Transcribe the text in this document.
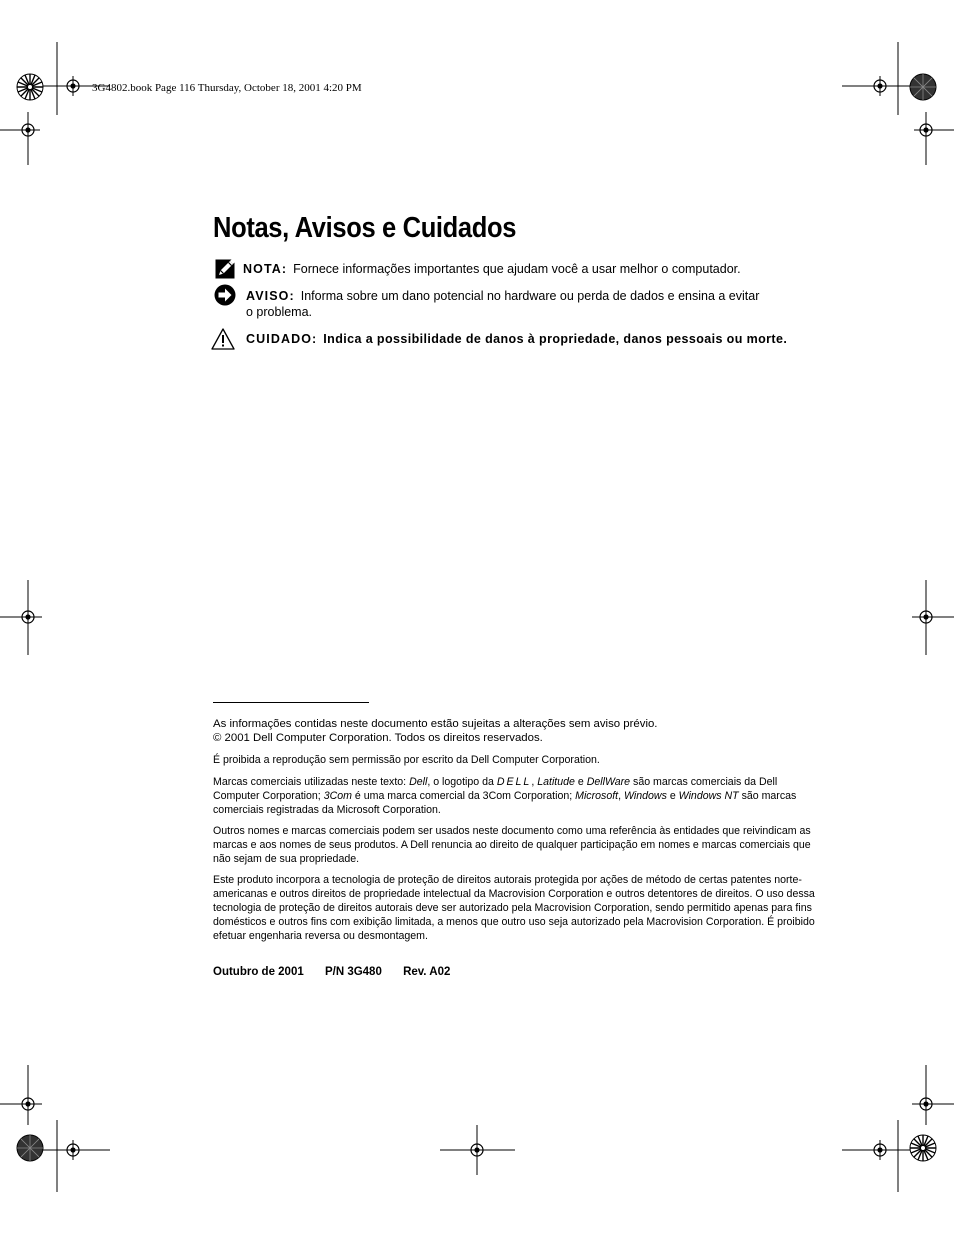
3G4802.book Page 116 Thursday, October 18, 2001 4:20 PM
Notas, Avisos e Cuidados
NOTA: Fornece informações importantes que ajudam você a usar melhor o computador.
AVISO: Informa sobre um dano potencial no hardware ou perda de dados e ensina a evitar
o problema.
CUIDADO: Indica a possibilidade de danos à propriedade, danos pessoais ou morte.

As informações contidas neste documento estão sujeitas a alterações sem aviso prévio.

© 2001 Dell Computer Corporation. Todos os direitos reservados.

É proibida a reprodução sem permissão por escrito da Dell Computer Corporation.

Marcas comerciais utilizadas neste texto: Dell, o logotipo da DELL, Latitude e DellWare são marcas comerciais da Dell Computer Corporation; 3Com é uma marca comercial da 3Com Corporation; Microsoft, Windows e Windows NT são marcas comerciais registradas da Microsoft Corporation.

Outros nomes e marcas comerciais podem ser usados neste documento como uma referência às entidades que reivindicam as marcas e aos nomes de seus produtos. A Dell renuncia ao direito de qualquer participação em nomes e marcas comerciais que não sejam de sua propriedade.

Este produto incorpora a tecnologia de proteção de direitos autorais protegida por ações de método de certas patentes norte-americanas e outros direitos de propriedade intelectual da Macrovision Corporation e outros detentores de direitos. O uso dessa tecnologia de proteção de direitos autorais deve ser autorizado pela Macrovision Corporation, sendo permitido apenas para fins domésticos e outros fins com exibição limitada, a menos que outro uso seja autorizado pela Macrovision Corporation. É proibido efetuar engenharia reversa ou desmontagem.

Outubro de 2001 P/N 3G480 Rev. A02
